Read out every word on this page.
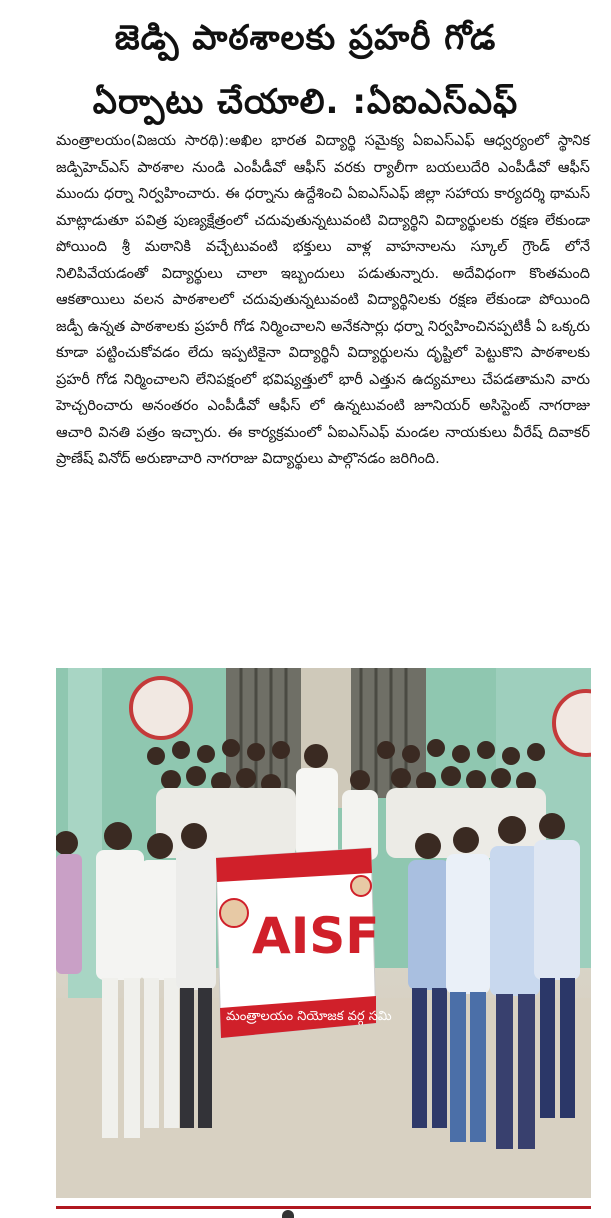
జెడ్పి పాఠశాలకు ప్రహరీ గోడ
ఏర్పాటు చేయాలి. :ఏఐఎస్ఎఫ్

మంత్రాలయం(విజయ సారథి):అఖిల భారత విద్యార్థి సమైక్య ఏఐఎస్ఎఫ్ ఆధ్వర్యంలో స్థానిక జడ్పిహెచ్ఎస్ పాఠశాల నుండి ఎంపీడీవో ఆఫీస్ వరకు ర్యాలీగా బయలుదేరి ఎంపీడీవో ఆఫీస్ ముందు ధర్నా నిర్వహించారు. ఈ ధర్నాను ఉద్దేశించి ఏఐఎస్ఎఫ్ జిల్లా సహాయ కార్యదర్శి థామస్ మాట్లాడుతూ పవిత్ర పుణ్యక్షేత్రంలో చదువుతున్నటువంటి విద్యార్థిని విద్యార్థులకు రక్షణ లేకుండా పోయింది శ్రీ మఠానికి వచ్చేటువంటి భక్తులు వాళ్ల వాహనాలను స్కూల్ గ్రౌండ్ లోనే నిలిపివేయడంతో విద్యార్థులు చాలా ఇబ్బందులు పడుతున్నారు. అదేవిధంగా కొంతమంది ఆకతాయిలు వలన పాఠశాలలో చదువుతున్నటువంటి విద్యార్థినిలకు రక్షణ లేకుండా పోయింది జడ్పీ ఉన్నత పాఠశాలకు ప్రహరీ గోడ నిర్మించాలని అనేకసార్లు ధర్నా నిర్వహించినప్పటికీ ఏ ఒక్కరు కూడా పట్టించుకోవడం లేదు ఇప్పటికైనా విద్యార్థినీ విద్యార్థులను దృష్టిలో పెట్టుకొని పాఠశాలకు ప్రహరీ గోడ నిర్మించాలని లేనిపక్షంలో భవిష్యత్తులో భారీ ఎత్తున ఉద్యమాలు చేపడతామని వారు హెచ్చరించారు అనంతరం ఎంపీడీవో ఆఫీస్ లో ఉన్నటువంటి జూనియర్ అసిస్టెంట్ నాగరాజు ఆచారి వినతి పత్రం ఇచ్చారు. ఈ కార్యక్రమంలో ఏఐఎస్ఎఫ్ మండల నాయకులు వీరేష్ దివాకర్ ప్రాణేష్ వినోద్ అరుణాచారి నాగరాజు విద్యార్థులు పాల్గొనడం జరిగింది.

AISF
మంత్రాలయం నియోజక వర్గ సమి
